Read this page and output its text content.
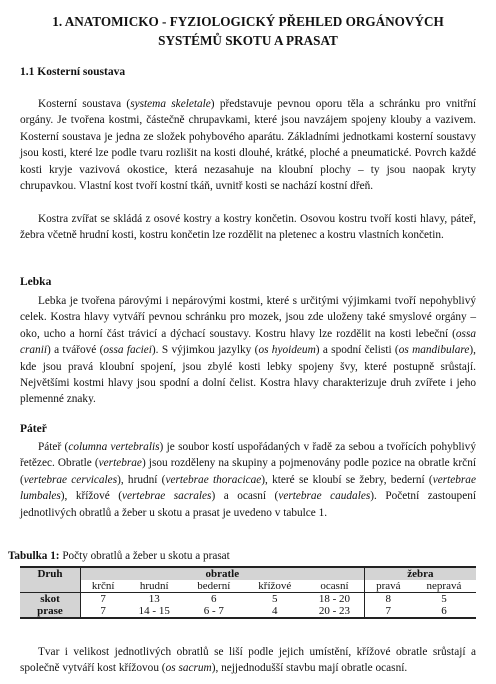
1. ANATOMICKO - FYZIOLOGICKÝ PŘEHLED ORGÁNOVÝCH
SYSTÉMŮ SKOTU A PRASAT
1.1 Kosterní soustava

Kosterní soustava (systema skeletale) představuje pevnou oporu těla a schránku pro vnitřní orgány. Je tvořena kostmi, částečně chrupavkami, které jsou navzájem spojeny klouby a vazivem. Kosterní soustava je jedna ze složek pohybového aparátu. Základními jednotkami kosterní soustavy jsou kosti, které lze podle tvaru rozlišit na kosti dlouhé, krátké, ploché a pneumatické. Povrch každé kosti kryje vazivová okostice, která nezasahuje na kloubní plochy – ty jsou naopak kryty chrupavkou. Vlastní kost tvoří kostní tkáň, uvnitř kosti se nachází kostní dřeň.

Kostra zvířat se skládá z osové kostry a kostry končetin. Osovou kostru tvoří kosti hlavy, páteř, žebra včetně hrudní kosti, kostru končetin lze rozdělit na pletenec a kostru vlastních končetin.

Lebka

Lebka je tvořena párovými i nepárovými kostmi, které s určitými výjimkami tvoří nepohyblivý celek. Kostra hlavy vytváří pevnou schránku pro mozek, jsou zde uloženy také smyslové orgány – oko, ucho a horní část trávicí a dýchací soustavy. Kostru hlavy lze rozdělit na kosti lebeční (ossa cranii) a tvářové (ossa faciei). S výjimkou jazylky (os hyoideum) a spodní čelisti (os mandibulare), kde jsou pravá kloubní spojení, jsou zbylé kosti lebky spojeny švy, které postupně srůstají. Největšími kostmi hlavy jsou spodní a dolní čelist. Kostra hlavy charakterizuje druh zvířete i jeho plemenné znaky.

Páteř

Páteř (columna vertebralis) je soubor kostí uspořádaných v řadě za sebou a tvořících pohyblivý řetězec. Obratle (vertebrae) jsou rozděleny na skupiny a pojmenovány podle pozice na obratle krční (vertebrae cervicales), hrudní (vertebrae thoracicae), které se kloubí se žebry, bederní (vertebrae lumbales), křížové (vertebrae sacrales) a ocasní (vertebrae caudales). Početní zastoupení jednotlivých obratlů a žeber u skotu a prasat je uvedeno v tabulce 1.

Tabulka 1: Počty obratlů a žeber u skotu a prasat
Druh	obratle					žebra	
	krční	hrudní	bederní	křížové	ocasní	pravá	nepravá
skot	7	13	6	5	18 - 20	8	5
prase	7	14 - 15	6 - 7	4	20 - 23	7	6

Tvar i velikost jednotlivých obratlů se liší podle jejich umístění, křížové obratle srůstají a společně vytváří kost křížovou (os sacrum), nejjednodušší stavbu mají obratle ocasní.
